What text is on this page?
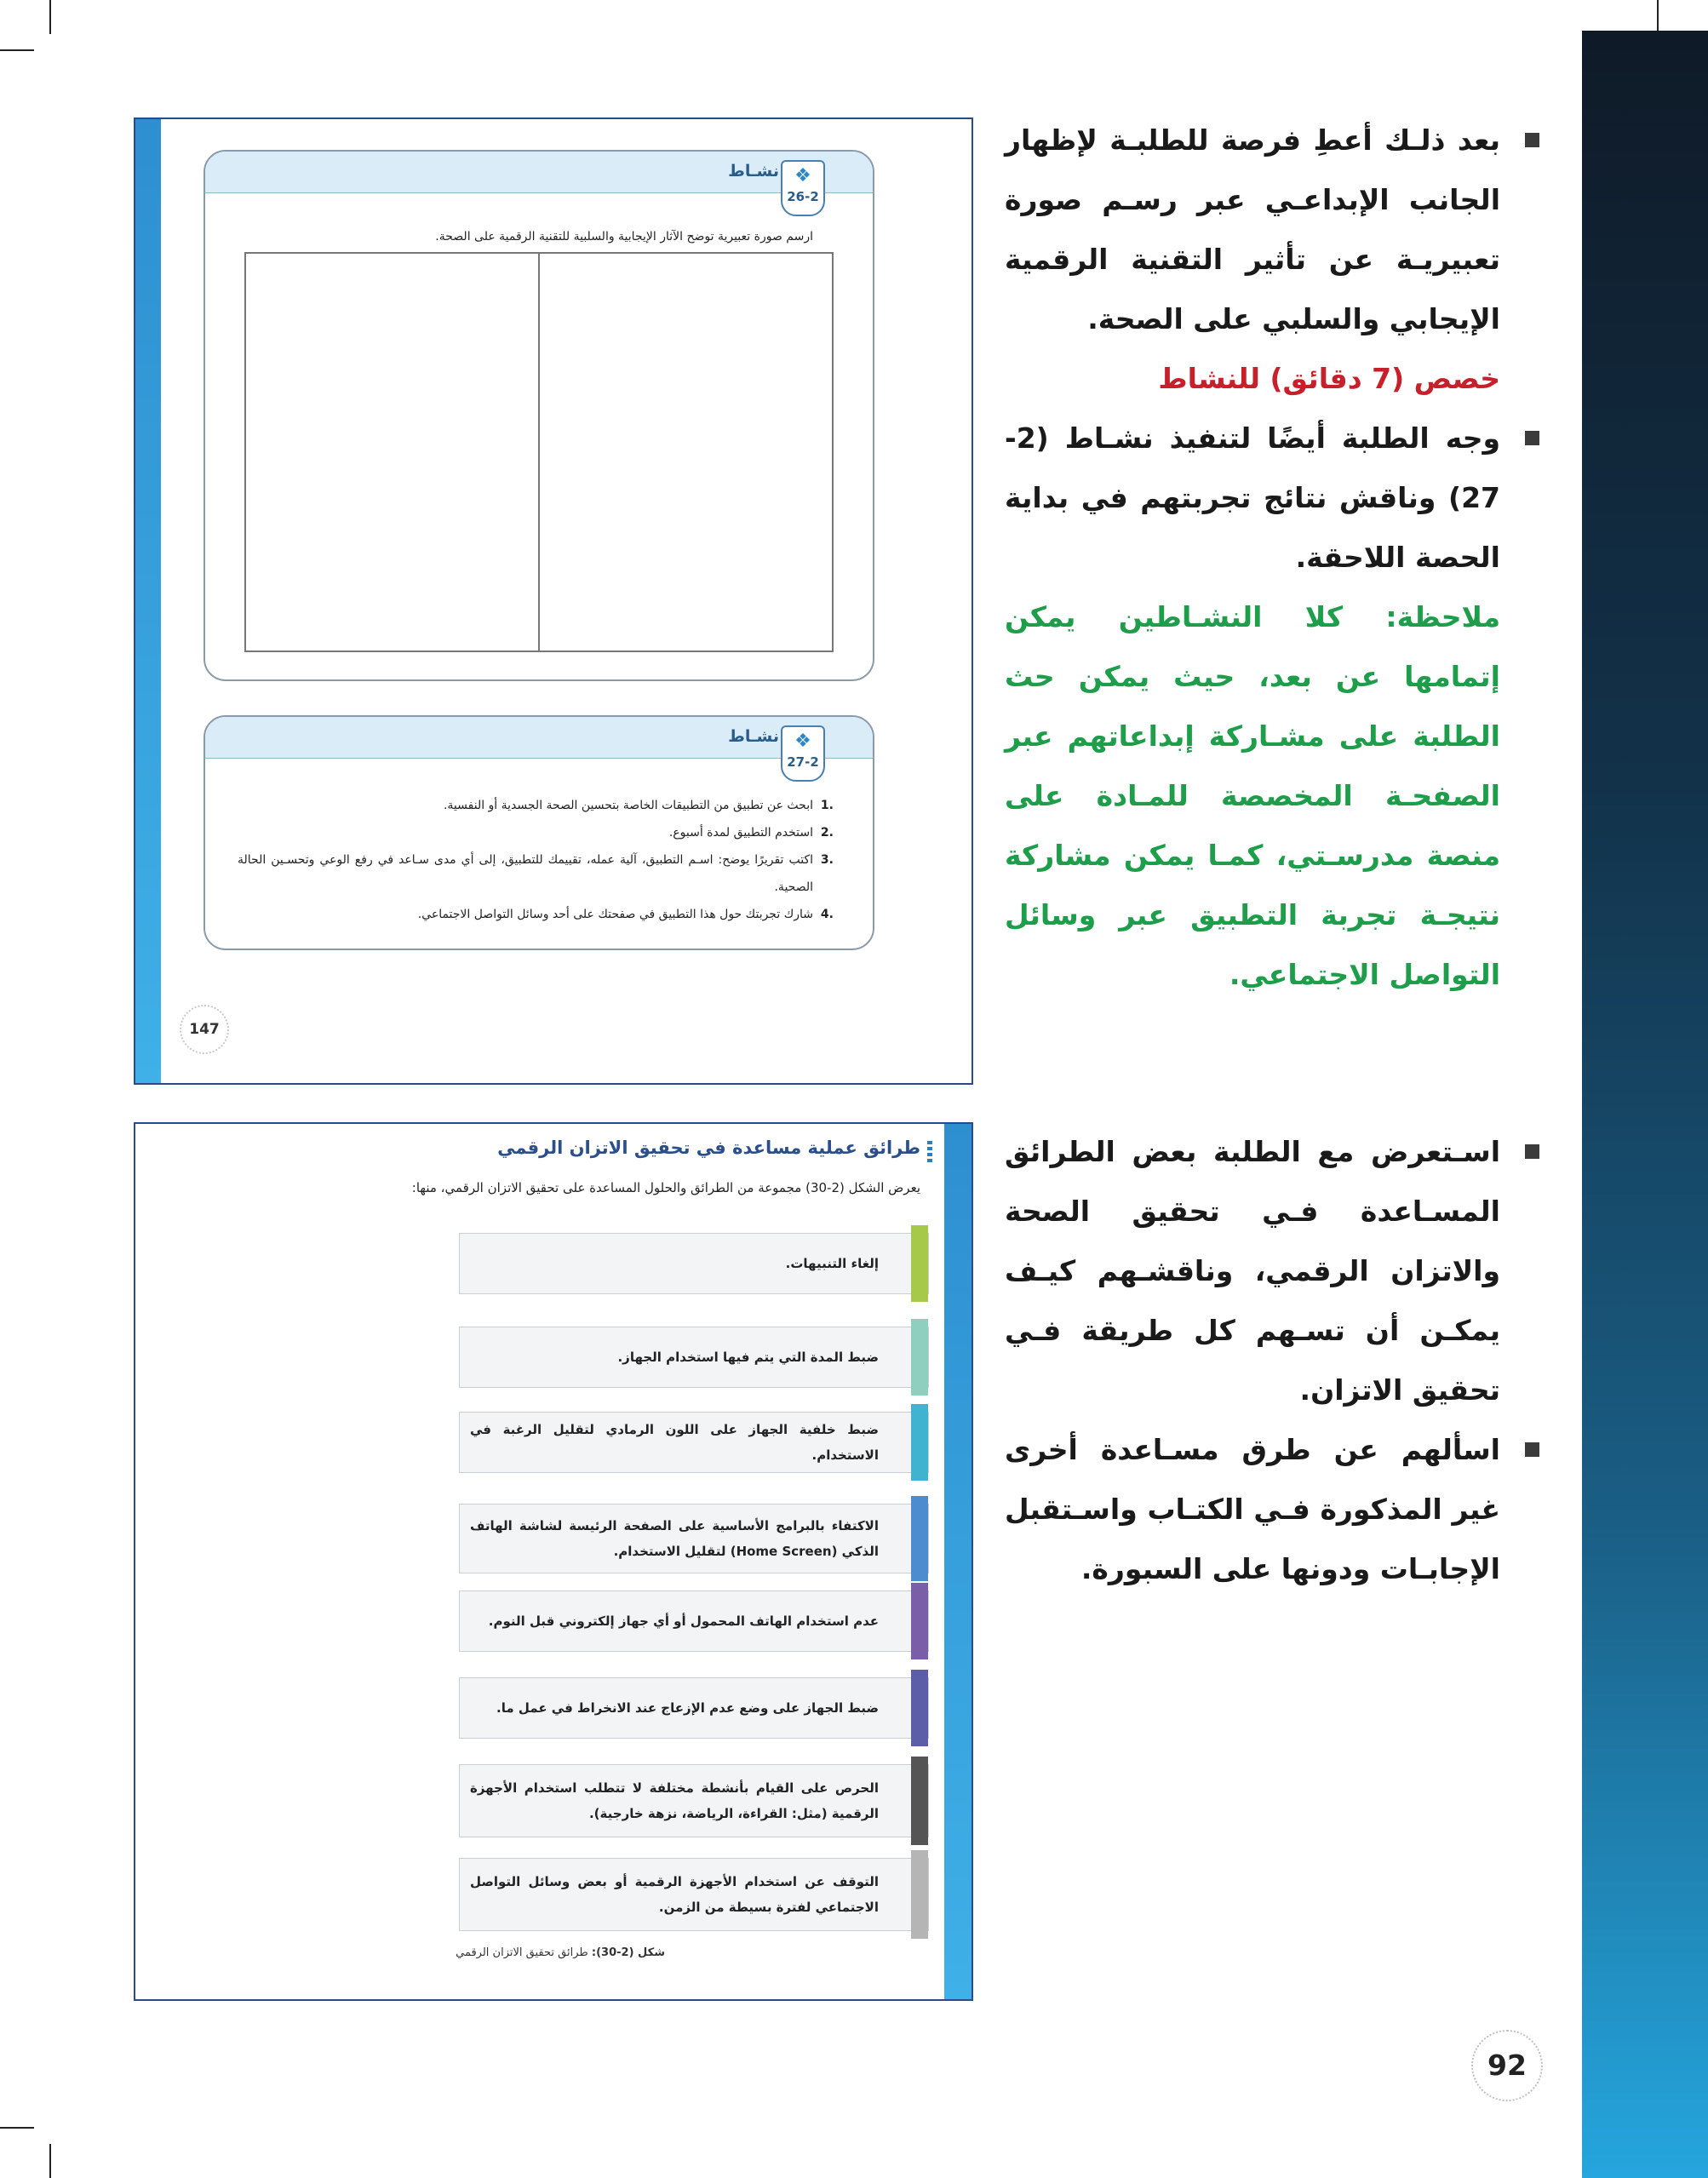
بعد ذلـك أعطِ فرصة للطلبـة لإظهار الجانب الإبداعـي عبر رسـم صورة تعبيريـة عن تأثير التقنية الرقمية الإيجابي والسلبي على الصحة.
خصص (7 دقائق) للنشاط
وجه الطلبة أيضًا لتنفيذ نشـاط (2-27) وناقش نتائج تجربتهم في بداية الحصة اللاحقة.
ملاحظة: كلا النشـاطين يمكن إتمامها عن بعد، حيث يمكن حث الطلبة على مشـاركة إبداعاتهم عبر الصفحـة المخصصة للمـادة على منصة مدرسـتي، كمـا يمكن مشاركة نتيجـة تجربة التطبيق عبر وسائل التواصل الاجتماعي.
اسـتعرض مع الطلبة بعض الطرائق المسـاعدة فـي تحقيق الصحة والاتزان الرقمي، وناقشـهم كيـف يمكـن أن تسـهم كل طريقة فـي تحقيق الاتزان.
اسألهم عن طرق مسـاعدة أخرى غير المذكورة فـي الكتـاب واسـتقبل الإجابـات ودونها على السبورة.
نشـاط ❖
26-2
ارسم صورة تعبيرية توضح الآثار الإيجابية والسلبية للتقنية الرقمية على الصحة.
نشـاط ❖
27-2
.1
ابحث عن تطبيق من التطبيقات الخاصة بتحسين الصحة الجسدية أو النفسية.
.2
استخدم التطبيق لمدة أسبوع.
.3
اكتب تقريرًا يوضح: اسـم التطبيق، آلية عمله، تقييمك للتطبيق، إلى أي مدى سـاعد في رفع الوعي وتحسـين الحالة الصحية.
.4
شارك تجربتك حول هذا التطبيق في صفحتك على أحد وسائل التواصل الاجتماعي.
147
طرائق عملية مساعدة في تحقيق الاتزان الرقمي
يعرض الشكل (2-30) مجموعة من الطرائق والحلول المساعدة على تحقيق الاتزان الرقمي، منها:
إلغاء التنبيهات.
ضبط المدة التي يتم فيها استخدام الجهاز.
ضبط خلفية الجهاز على اللون الرمادي لتقليل الرغبة في الاستخدام.
الاكتفاء بالبرامج الأساسية على الصفحة الرئيسة لشاشة الهاتف الذكي (Home Screen) لتقليل الاستخدام.
عدم استخدام الهاتف المحمول أو أي جهاز إلكتروني قبل النوم.
ضبط الجهاز على وضع عدم الإزعاج عند الانخراط في عمل ما.
الحرص على القيام بأنشطة مختلفة لا تتطلب استخدام الأجهزة الرقمية (مثل: القراءة، الرياضة، نزهة خارجية).
التوقف عن استخدام الأجهزة الرقمية أو بعض وسائل التواصل الاجتماعي لفترة بسيطة من الزمن.
شكل (2-30): طرائق تحقيق الاتزان الرقمي
92
